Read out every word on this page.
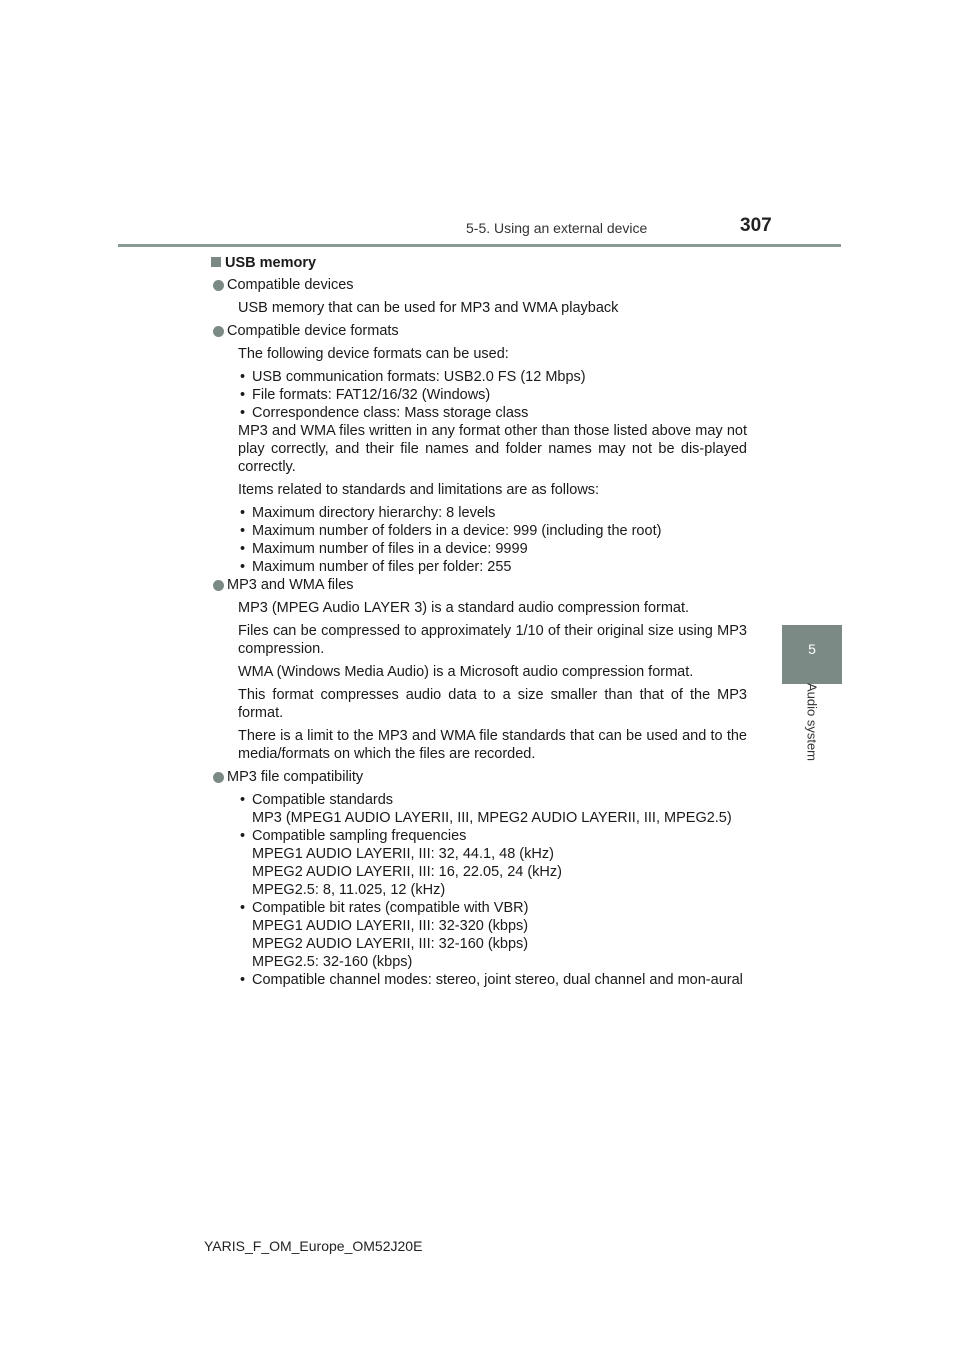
5-5. Using an external device	307
5
Audio system
USB memory
Compatible devices
USB memory that can be used for MP3 and WMA playback
Compatible device formats
The following device formats can be used:
• USB communication formats: USB2.0 FS (12 Mbps)
• File formats: FAT12/16/32 (Windows)
• Correspondence class: Mass storage class
MP3 and WMA files written in any format other than those listed above may not play correctly, and their file names and folder names may not be dis-played correctly.
Items related to standards and limitations are as follows:
• Maximum directory hierarchy: 8 levels
• Maximum number of folders in a device: 999 (including the root)
• Maximum number of files in a device: 9999
• Maximum number of files per folder: 255
MP3 and WMA files
MP3 (MPEG Audio LAYER 3) is a standard audio compression format.
Files can be compressed to approximately 1/10 of their original size using MP3 compression.
WMA (Windows Media Audio) is a Microsoft audio compression format.
This format compresses audio data to a size smaller than that of the MP3 format.
There is a limit to the MP3 and WMA file standards that can be used and to the media/formats on which the files are recorded.
MP3 file compatibility
• Compatible standards
MP3 (MPEG1 AUDIO LAYERII, III, MPEG2 AUDIO LAYERII, III, MPEG2.5)
• Compatible sampling frequencies
MPEG1 AUDIO LAYERII, III: 32, 44.1, 48 (kHz)
MPEG2 AUDIO LAYERII, III: 16, 22.05, 24 (kHz)
MPEG2.5: 8, 11.025, 12 (kHz)
• Compatible bit rates (compatible with VBR)
MPEG1 AUDIO LAYERII, III: 32-320 (kbps)
MPEG2 AUDIO LAYERII, III: 32-160 (kbps)
MPEG2.5: 32-160 (kbps)
• Compatible channel modes: stereo, joint stereo, dual channel and mon-aural
YARIS_F_OM_Europe_OM52J20E
